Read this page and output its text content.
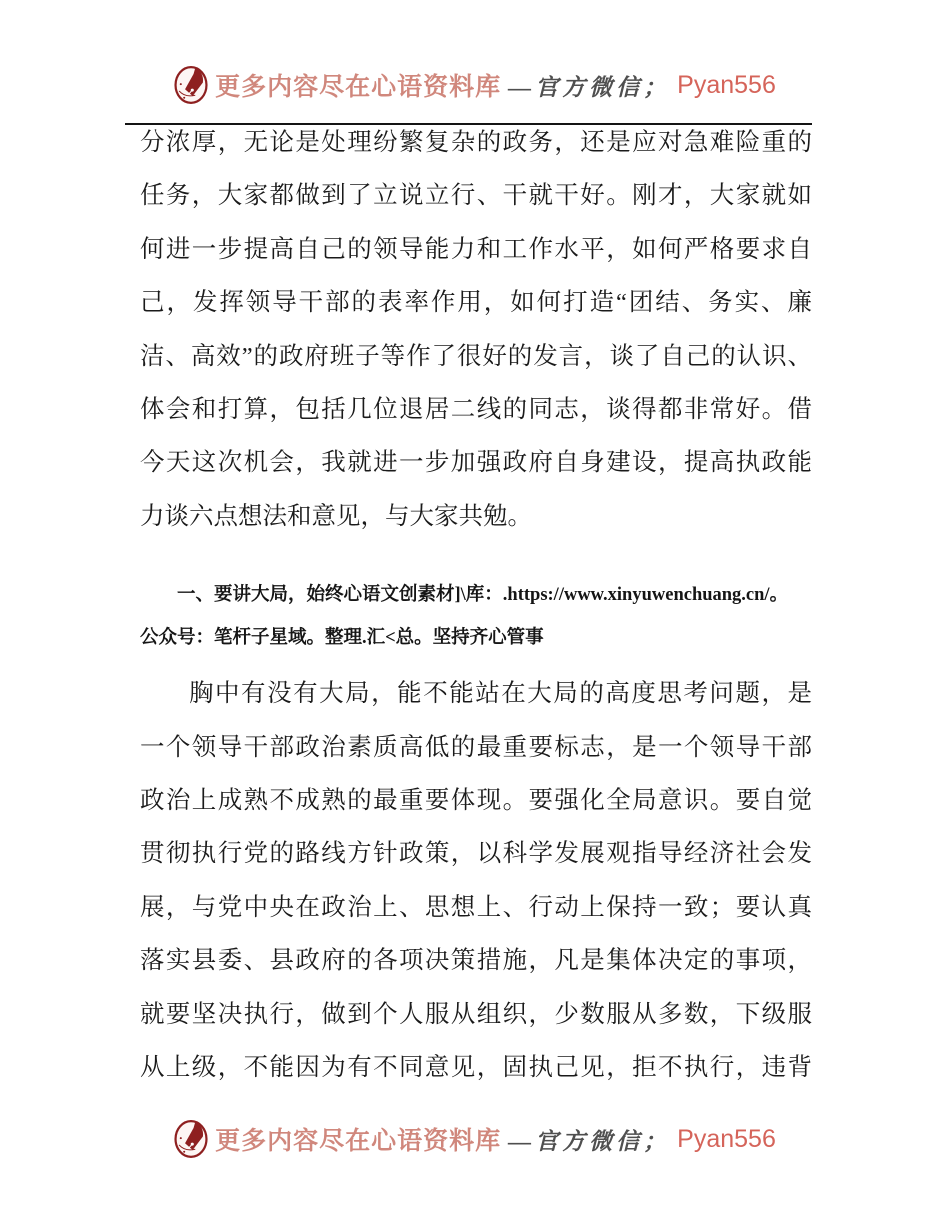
更多内容尽在心语资料库 —官方微信； Pyan556
分浓厚，无论是处理纷繁复杂的政务，还是应对急难险重的
任务，大家都做到了立说立行、干就干好。刚才，大家就如
何进一步提高自己的领导能力和工作水平，如何严格要求自
己，发挥领导干部的表率作用，如何打造“团结、务实、廉
洁、高效”的政府班子等作了很好的发言，谈了自己的认识、
体会和打算，包括几位退居二线的同志，谈得都非常好。借
今天这次机会，我就进一步加强政府自身建设，提高执政能
力谈六点想法和意见，与大家共勉。
一、要讲大局，始终心语文创素材]\库：.https://www.xinyuwenchuang.cn/。
公众号：笔杆子星域。整理.汇<总。坚持齐心管事
胸中有没有大局，能不能站在大局的高度思考问题，是
一个领导干部政治素质高低的最重要标志，是一个领导干部
政治上成熟不成熟的最重要体现。要强化全局意识。要自觉
贯彻执行党的路线方针政策，以科学发展观指导经济社会发
展，与党中央在政治上、思想上、行动上保持一致；要认真
落实县委、县政府的各项决策措施，凡是集体决定的事项，
就要坚决执行，做到个人服从组织，少数服从多数，下级服
从上级，不能因为有不同意见，固执己见，拒不执行，违背
更多内容尽在心语资料库 —官方微信； Pyan556
